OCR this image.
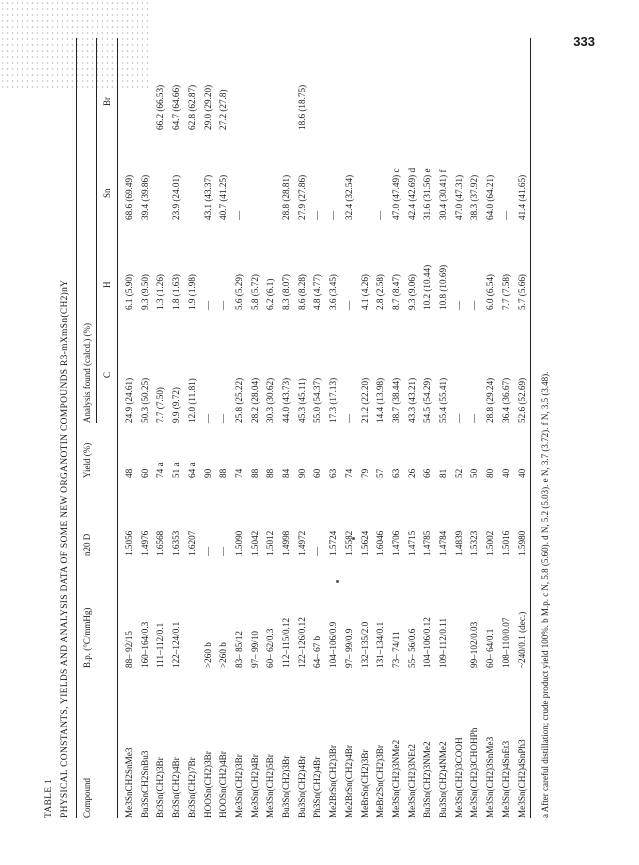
333
TABLE 1 PHYSICAL CONSTANTS, YIELDS AND ANALYSIS DATA OF SOME NEW ORGANOTIN COMPOUNDS R3-mXmSn(CH2)nY Compound
B.p. (°C/mmHg)
n20 D
Yield (%)
Analysis found (calcd.) (%) C
H
Sn
Br
Me3SnCH2SnMe3
88– 92/15
1.5056
48
24.9 (24.61)
6.1 (5.90)
68.6 (69.49)
Bu3SnCH2SnBu3
160–164/0.3
1.4976
60
50.3 (50.25)
9.3 (9.50)
39.4 (39.86)
Br3Sn(CH2)3Br
111–112/0.1
1.6568
74 a
7.7 (7.50)
1.3 (1.26)
66.2 (66.53)
Br3Sn(CH2)4Br
122–124/0.1
1.6353
51 a
9.9 (9.72)
1.8 (1.63)
23.9 (24.01)
64.7 (64.66)
Br3Sn(CH2)7Br
1.6207
64 a
12.0 (11.81)
1.9 (1.98)
62.8 (62.87)
HOOSn(CH2)3Br
>260 b
—
90
—
—
43.1 (43.37)
29.0 (29.20)
HOOSn(CH2)4Br
>260 b
—
88
—
—
40.7 (41.25)
27.2 (27.8)
Me3Sn(CH2)3Br
83– 85/12
1.5090
74
25.8 (25.22)
5.6 (5.29)
—
Me3Sn(CH2)4Br
97– 99/10
1.5042
88
28.2 (28.04)
5.8 (5.72)
Me3Sn(CH2)5Br
60– 62/0.3
1.5012
88
30.3 (30.62)
6.2 (6.1)
Bu3Sn(CH2)3Br
112–115/0.12
1.4998
84
44.0 (43.73)
8.3 (8.07)
28.8 (28.81)
Bu3Sn(CH2)4Br
122–126/0.12
1.4972
90
45.3 (45.11)
8.6 (8.28)
27.9 (27.86)
18.6 (18.75)
Ph3Sn(CH2)4Br
64– 67 b
—
60
55.0 (54.37)
4.8 (4.77)
—
Me2BrSn(CH2)3Br
104–106/0.9
1.5724
63
17.3 (17.13)
3.6 (3.45)
—
Me2BrSn(CH2)4Br
97– 99/0.9
1.5582
74
—
—
32.4 (32.54)
MeBrSn(CH2)3Br
132–135/2.0
1.5624
79
21.2 (22.20)
4.1 (4.26)
MeBr2Sn(CH2)3Br
131–134/0.1
1.6046
57
14.4 (13.98)
2.8 (2.58)
—
Me3Sn(CH2)3NMe2
73– 74/11
1.4706
63
38.7 (38.44)
8.7 (8.47)
47.0 (47.49) c
Me3Sn(CH2)3NEt2
55– 56/0.6
1.4715
26
43.3 (43.21)
9.3 (9.06)
42.4 (42.69) d
Bu3Sn(CH2)3NMe2
104–106/0.12
1.4785
66
54.5 (54.29)
10.2 (10.44)
31.6 (31.56) e
Bu3Sn(CH2)4NMe2
109–112/0.11
1.4784
81
55.4 (55.41)
10.8 (10.69)
30.4 (30.41) f
Me3Sn(CH2)3COOH
1.4839
52
—
—
47.0 (47.31)
Me3Sn(CH2)3CHOHPh
99–102/0.03
1.5323
50
—
—
38.3 (37.92)
Me3Sn(CH2)3SnMe3
60– 64/0.1
1.5002
80
28.8 (29.24)
6.0 (6.54)
64.0 (64.21)
Me3Sn(CH2)4SnEt3
108–110/0.07
1.5016
40
36.4 (36.67)
7.7 (7.58)
—
Me3Sn(CH2)4SnPh3
~240/0.1 (dec.)
1.5980
40
52.6 (52.69)
5.7 (5.66)
41.4 (41.65)
a After careful distillation; crude product yield 100%. b M.p. c N, 5.8 (5.60). d N, 5.2 (5.03). e N, 3.7 (3.72). f N, 3.5 (3.48).
